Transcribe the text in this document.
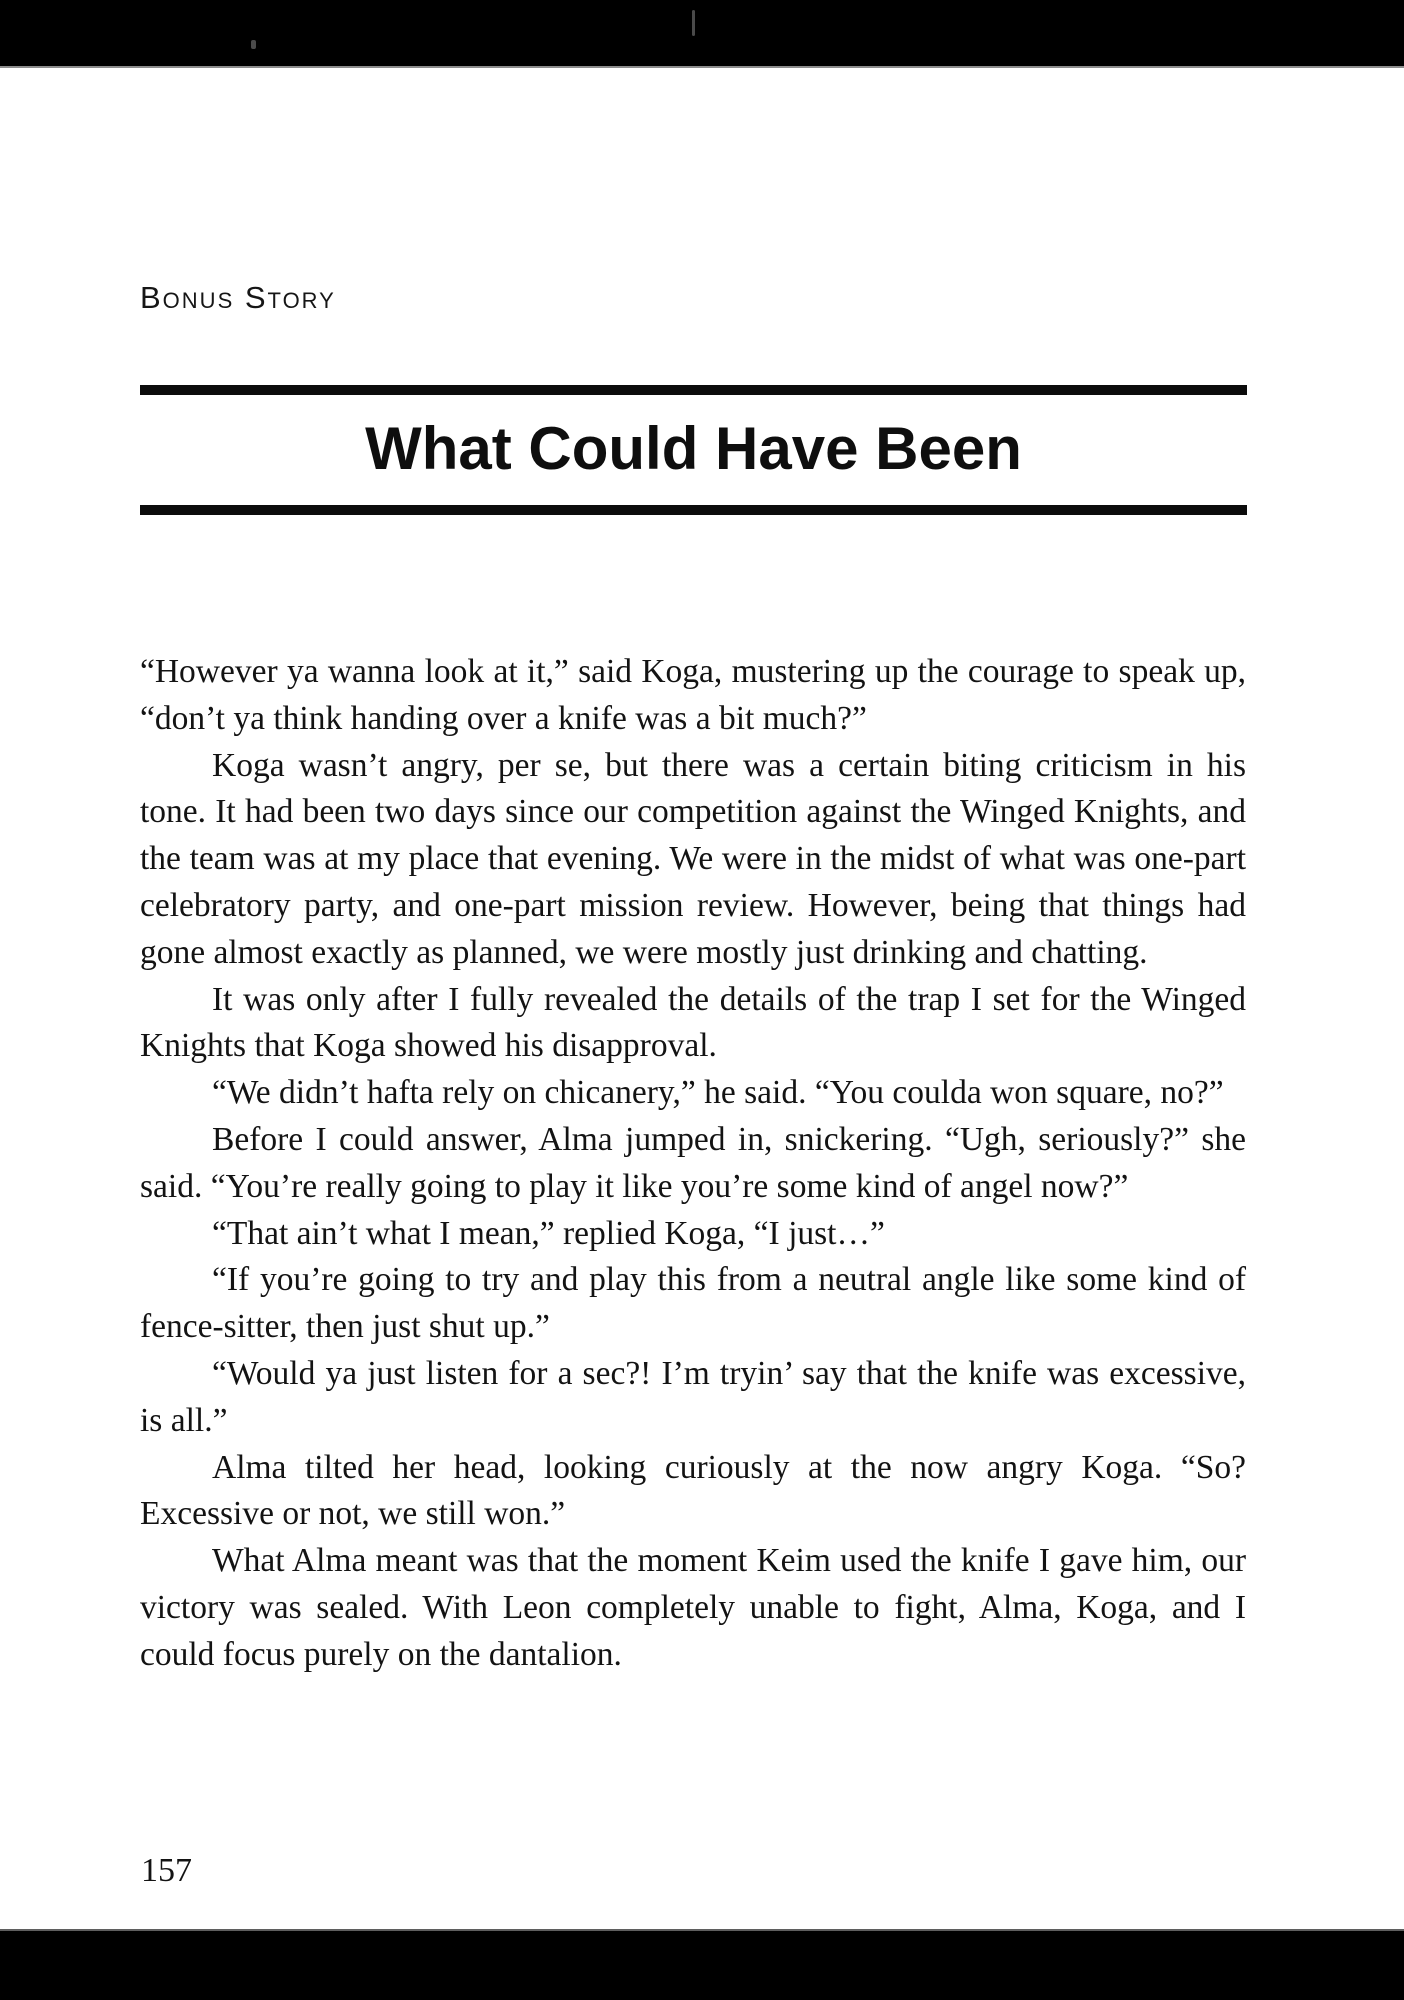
Bonus Story
What Could Have Been

“However ya wanna look at it,” said Koga, mustering up the courage to speak up, “don’t ya think handing over a knife was a bit much?”

Koga wasn’t angry, per se, but there was a certain biting criticism in his tone. It had been two days since our competition against the Winged Knights, and the team was at my place that evening. We were in the midst of what was one-part celebratory party, and one-part mission review. However, being that things had gone almost exactly as planned, we were mostly just drinking and chatting.

It was only after I fully revealed the details of the trap I set for the Winged Knights that Koga showed his disapproval.

“We didn’t hafta rely on chicanery,” he said. “You coulda won square, no?”

Before I could answer, Alma jumped in, snickering. “Ugh, seriously?” she said. “You’re really going to play it like you’re some kind of angel now?”

“That ain’t what I mean,” replied Koga, “I just…”

“If you’re going to try and play this from a neutral angle like some kind of fence-sitter, then just shut up.”

“Would ya just listen for a sec?! I’m tryin’ say that the knife was excessive, is all.”

Alma tilted her head, looking curiously at the now angry Koga. “So? Excessive or not, we still won.”

What Alma meant was that the moment Keim used the knife I gave him, our victory was sealed. With Leon completely unable to fight, Alma, Koga, and I could focus purely on the dantalion.

157
